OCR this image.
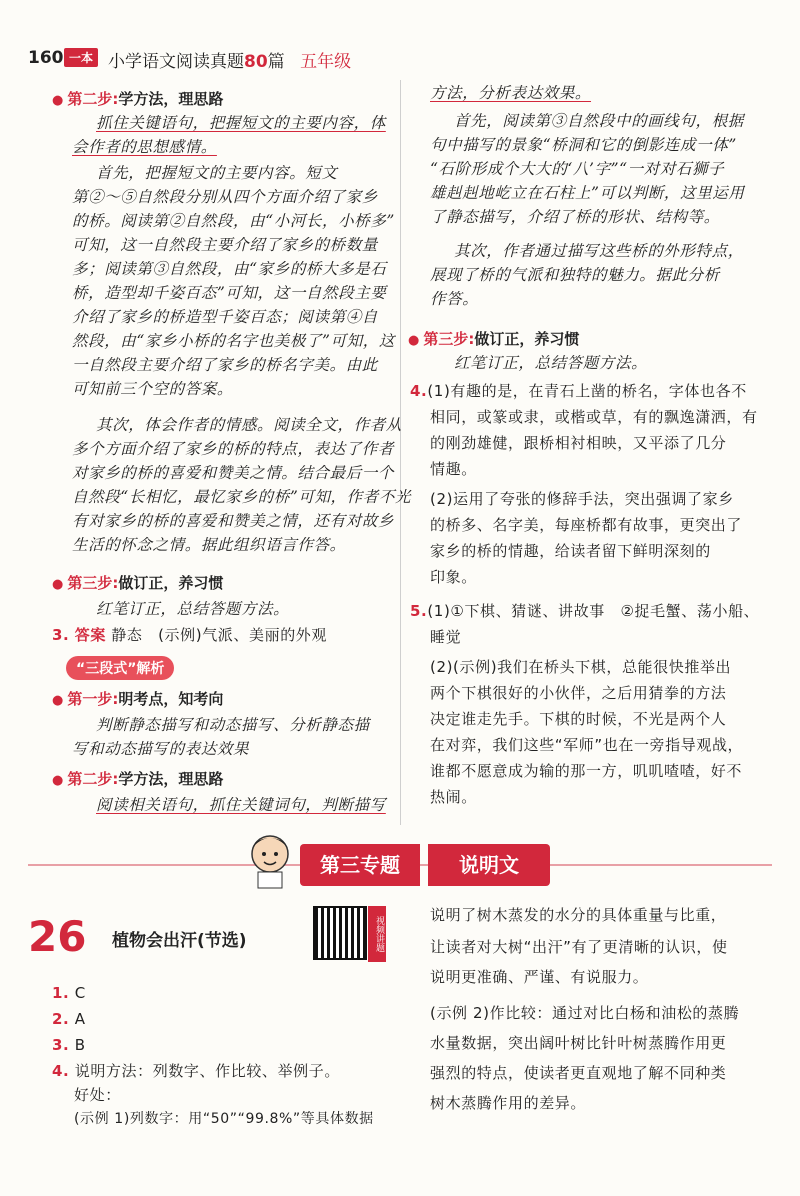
160 一本 小学语文阅读真题80篇 五年级
● 第二步:学方法，理思路
抓住关键语句，把握短文的主要内容，体
会作者的思想感情。
首先，把握短文的主要内容。短文
第②～⑤自然段分别从四个方面介绍了家乡
的桥。阅读第②自然段，由“小河长，小桥多”
可知，这一自然段主要介绍了家乡的桥数量
多；阅读第③自然段，由“家乡的桥大多是石
桥，造型却千姿百态”可知，这一自然段主要
介绍了家乡的桥造型千姿百态；阅读第④自
然段，由“家乡小桥的名字也美极了”可知，这
一自然段主要介绍了家乡的桥名字美。由此
可知前三个空的答案。
其次，体会作者的情感。阅读全文，作者从
多个方面介绍了家乡的桥的特点，表达了作者
对家乡的桥的喜爱和赞美之情。结合最后一个
自然段“长相忆，最忆家乡的桥”可知，作者不光
有对家乡的桥的喜爱和赞美之情，还有对故乡
生活的怀念之情。据此组织语言作答。
● 第三步:做订正，养习惯
红笔订正，总结答题方法。
3. 答案 静态　(示例)气派、美丽的外观
“三段式”解析
● 第一步:明考点，知考向
判断静态描写和动态描写、分析静态描
写和动态描写的表达效果
● 第二步:学方法，理思路
阅读相关语句，抓住关键词句，判断描写
方法，分析表达效果。
首先，阅读第③自然段中的画线句，根据
句中描写的景象“桥洞和它的倒影连成一体”
“石阶形成个大大的‘八’字”“一对对石狮子
雄赳赳地屹立在石柱上”可以判断，这里运用
了静态描写，介绍了桥的形状、结构等。
其次，作者通过描写这些桥的外形特点，
展现了桥的气派和独特的魅力。据此分析
作答。
● 第三步:做订正，养习惯
红笔订正，总结答题方法。
4.(1)有趣的是，在青石上凿的桥名，字体也各不
相同，或篆或隶，或楷或草，有的飘逸潇洒，有
的刚劲雄健，跟桥相衬相映，又平添了几分
情趣。
(2)运用了夸张的修辞手法，突出强调了家乡
的桥多、名字美，每座桥都有故事，更突出了
家乡的桥的情趣，给读者留下鲜明深刻的
印象。
5.(1)①下棋、猜谜、讲故事　②捉毛蟹、荡小船、
睡觉
(2)(示例)我们在桥头下棋，总能很快推举出
两个下棋很好的小伙伴，之后用猜拳的方法
决定谁走先手。下棋的时候，不光是两个人
在对弈，我们这些“军师”也在一旁指导观战，
谁都不愿意成为输的那一方，叽叽喳喳，好不
热闹。
第三专题	说明文
26 植物会出汗(节选)	视频讲题
1. C
2. A
3. B
4. 说明方法：列数字、作比较、举例子。
好处：
(示例 1)列数字：用“50”“99.8%”等具体数据
说明了树木蒸发的水分的具体重量与比重，
让读者对大树“出汗”有了更清晰的认识，使
说明更准确、严谨、有说服力。
(示例 2)作比较：通过对比白杨和油松的蒸腾
水量数据，突出阔叶树比针叶树蒸腾作用更
强烈的特点，使读者更直观地了解不同种类
树木蒸腾作用的差异。
